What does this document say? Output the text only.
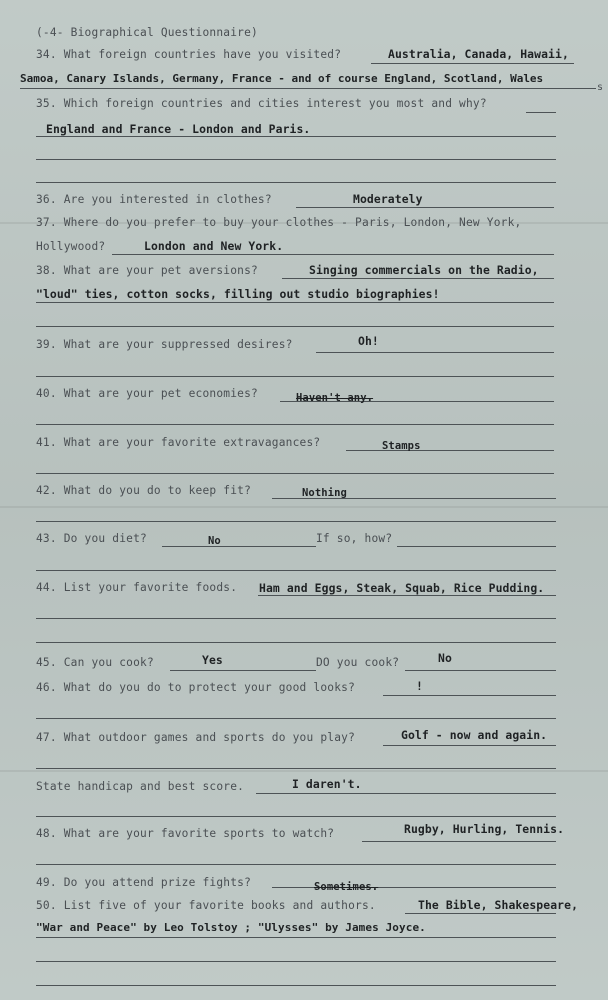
(-4- Biographical Questionnaire)
34. What foreign countries have you visited?	Australia, Canada, Hawaii,
Samoa, Canary Islands, Germany, France - and of course England, Scotland, Wales
s
35. Which foreign countries and cities interest you most and why?
England and France - London and Paris.
36. Are you interested in clothes?	Moderately
37. Where do you prefer to buy your clothes - Paris, London, New York,
Hollywood?	London and New York.
38. What are your pet aversions?	Singing commercials on the Radio,
"loud" ties, cotton socks, filling out studio biographies!
39. What are your suppressed desires?	Oh!
40. What are your pet economies?	Haven't any.
41. What are your favorite extravagances?	Stamps
42. What do you do to keep fit?	Nothing
43. Do you diet?	No	If so, how?
44. List your favorite foods. Ham and Eggs, Steak, Squab, Rice Pudding.
45. Can you cook?	Yes	DO you cook?	No
46. What do you do to protect your good looks?	!
47. What outdoor games and sports do you play?	Golf - now and again.
State handicap and best score.	I daren't.
48. What are your favorite sports to watch?	Rugby, Hurling, Tennis.
49. Do you attend prize fights?	Sometimes.
50. List five of your favorite books and authors.	The Bible, Shakespeare,
"War and Peace" by Leo Tolstoy ; "Ulysses" by James Joyce.
